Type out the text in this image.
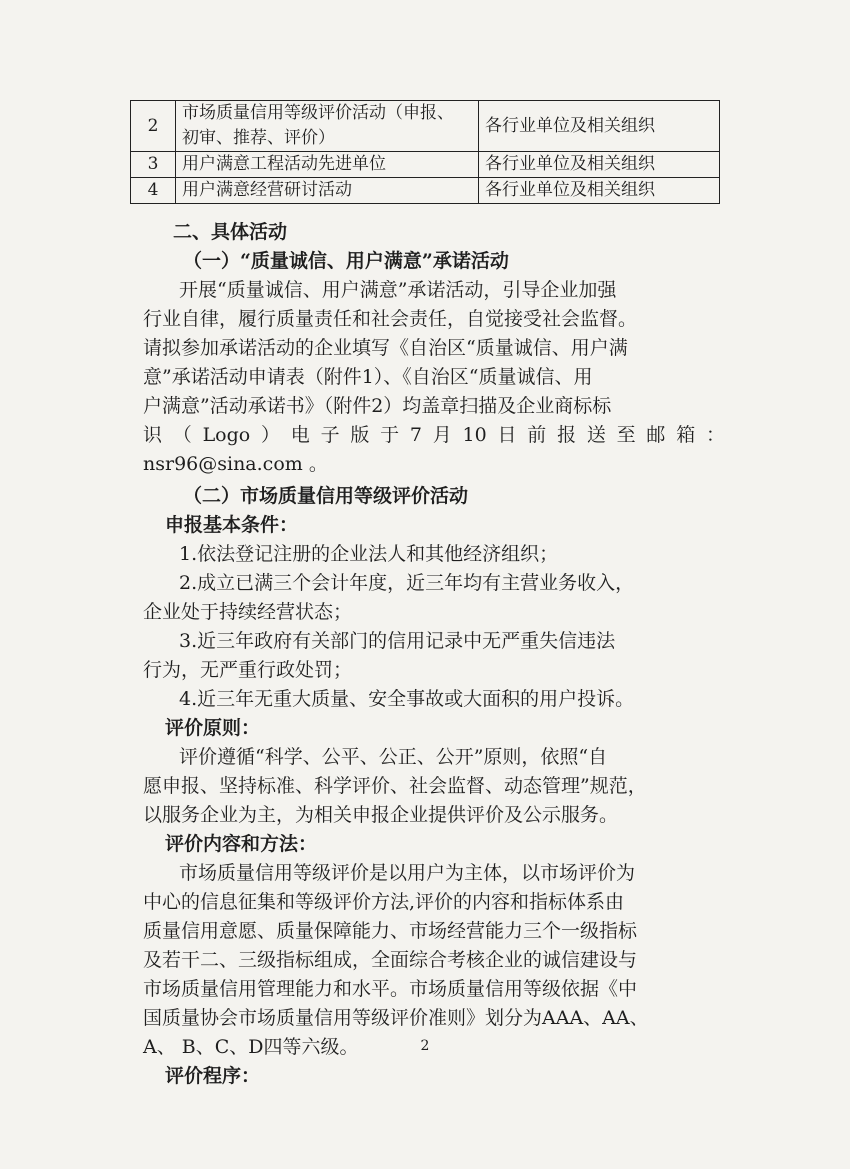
2	市场质量信用等级评价活动（申报、
初审、推荐、评价）	各行业单位及相关组织
3	用户满意工程活动先进单位	各行业单位及相关组织
4	用户满意经营研讨活动	各行业单位及相关组织
二、具体活动
（一）“质量诚信、用户满意”承诺活动
开展“质量诚信、用户满意”承诺活动，引导企业加强
行业自律，履行质量责任和社会责任，自觉接受社会监督。
请拟参加承诺活动的企业填写《自治区“质量诚信、用户满
意”承诺活动申请表（附件1）、《自治区“质量诚信、用
户满意”活动承诺书》（附件2）均盖章扫描及企业商标标
识（Logo）电子版于7月10日前报送至邮箱：
nsr96@sina.com 。
（二）市场质量信用等级评价活动
申报基本条件：
1.依法登记注册的企业法人和其他经济组织；
2.成立已满三个会计年度，近三年均有主营业务收入，
企业处于持续经营状态；
3.近三年政府有关部门的信用记录中无严重失信违法
行为，无严重行政处罚；
4.近三年无重大质量、安全事故或大面积的用户投诉。
评价原则：
评价遵循“科学、公平、公正、公开”原则，依照“自
愿申报、坚持标准、科学评价、社会监督、动态管理”规范，
以服务企业为主，为相关申报企业提供评价及公示服务。
评价内容和方法：
市场质量信用等级评价是以用户为主体，以市场评价为
中心的信息征集和等级评价方法,评价的内容和指标体系由
质量信用意愿、质量保障能力、市场经营能力三个一级指标
及若干二、三级指标组成，全面综合考核企业的诚信建设与
市场质量信用管理能力和水平。市场质量信用等级依据《中
国质量协会市场质量信用等级评价准则》划分为AAA、AA、
A、 B、C、D四等六级。
评价程序：
2
